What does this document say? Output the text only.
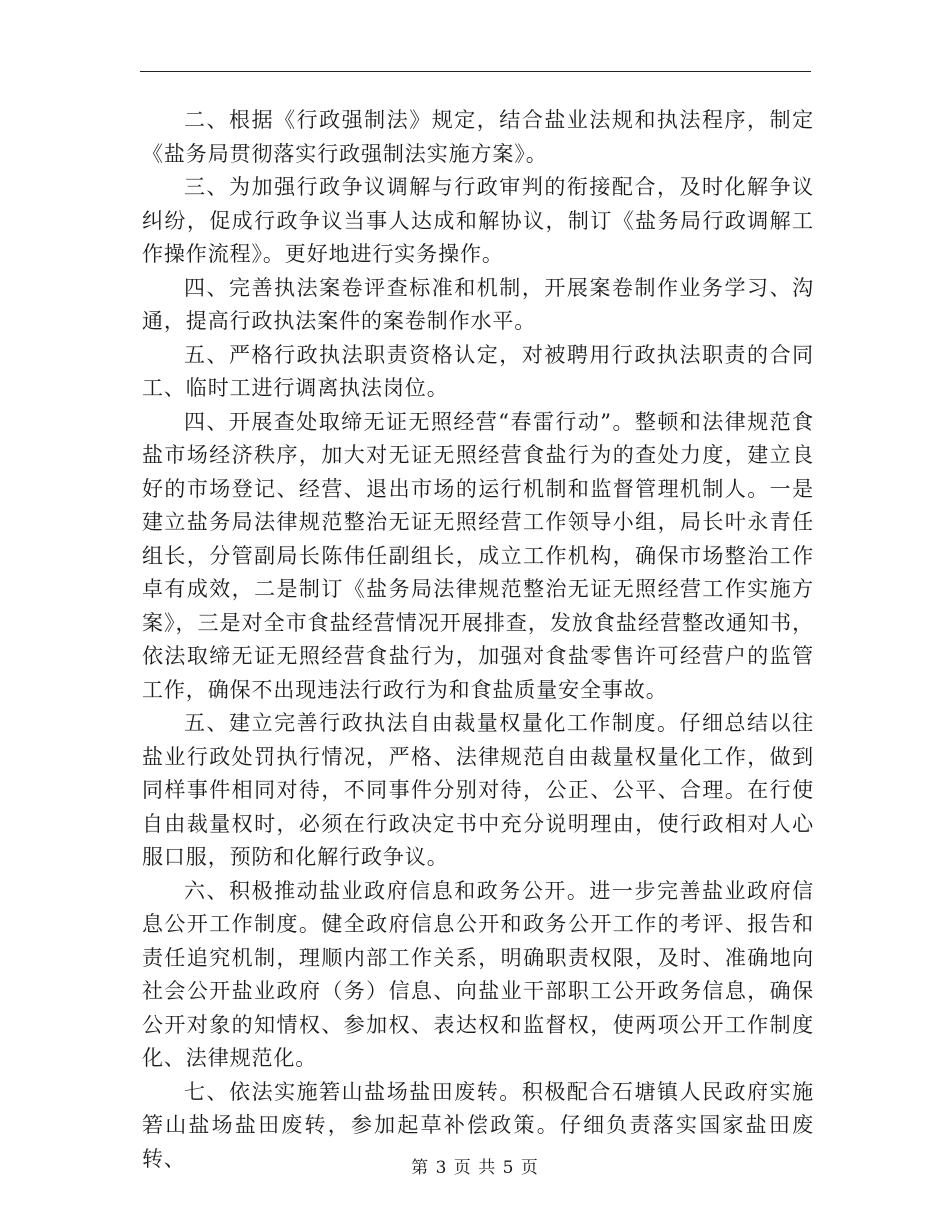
二、根据《行政强制法》规定，结合盐业法规和执法程序，制定《盐务局贯彻落实行政强制法实施方案》。

三、为加强行政争议调解与行政审判的衔接配合，及时化解争议纠纷，促成行政争议当事人达成和解协议，制订《盐务局行政调解工作操作流程》。更好地进行实务操作。

四、完善执法案卷评查标准和机制，开展案卷制作业务学习、沟通，提高行政执法案件的案卷制作水平。

五、严格行政执法职责资格认定，对被聘用行政执法职责的合同工、临时工进行调离执法岗位。

四、开展查处取缔无证无照经营“春雷行动”。整顿和法律规范食盐市场经济秩序，加大对无证无照经营食盐行为的查处力度，建立良好的市场登记、经营、退出市场的运行机制和监督管理机制人。一是建立盐务局法律规范整治无证无照经营工作领导小组，局长叶永青任组长，分管副局长陈伟任副组长，成立工作机构，确保市场整治工作卓有成效，二是制订《盐务局法律规范整治无证无照经营工作实施方案》，三是对全市食盐经营情况开展排查，发放食盐经营整改通知书，依法取缔无证无照经营食盐行为，加强对食盐零售许可经营户的监管工作，确保不出现违法行政行为和食盐质量安全事故。

五、建立完善行政执法自由裁量权量化工作制度。仔细总结以往盐业行政处罚执行情况，严格、法律规范自由裁量权量化工作，做到同样事件相同对待，不同事件分别对待，公正、公平、合理。在行使自由裁量权时，必须在行政决定书中充分说明理由，使行政相对人心服口服，预防和化解行政争议。

六、积极推动盐业政府信息和政务公开。进一步完善盐业政府信息公开工作制度。健全政府信息公开和政务公开工作的考评、报告和责任追究机制，理顺内部工作关系，明确职责权限，及时、准确地向社会公开盐业政府（务）信息、向盐业干部职工公开政务信息，确保公开对象的知情权、参加权、表达权和监督权，使两项公开工作制度化、法律规范化。

七、依法实施箬山盐场盐田废转。积极配合石塘镇人民政府实施箬山盐场盐田废转，参加起草补偿政策。仔细负责落实国家盐田废转、	第 3 页 共 5 页
